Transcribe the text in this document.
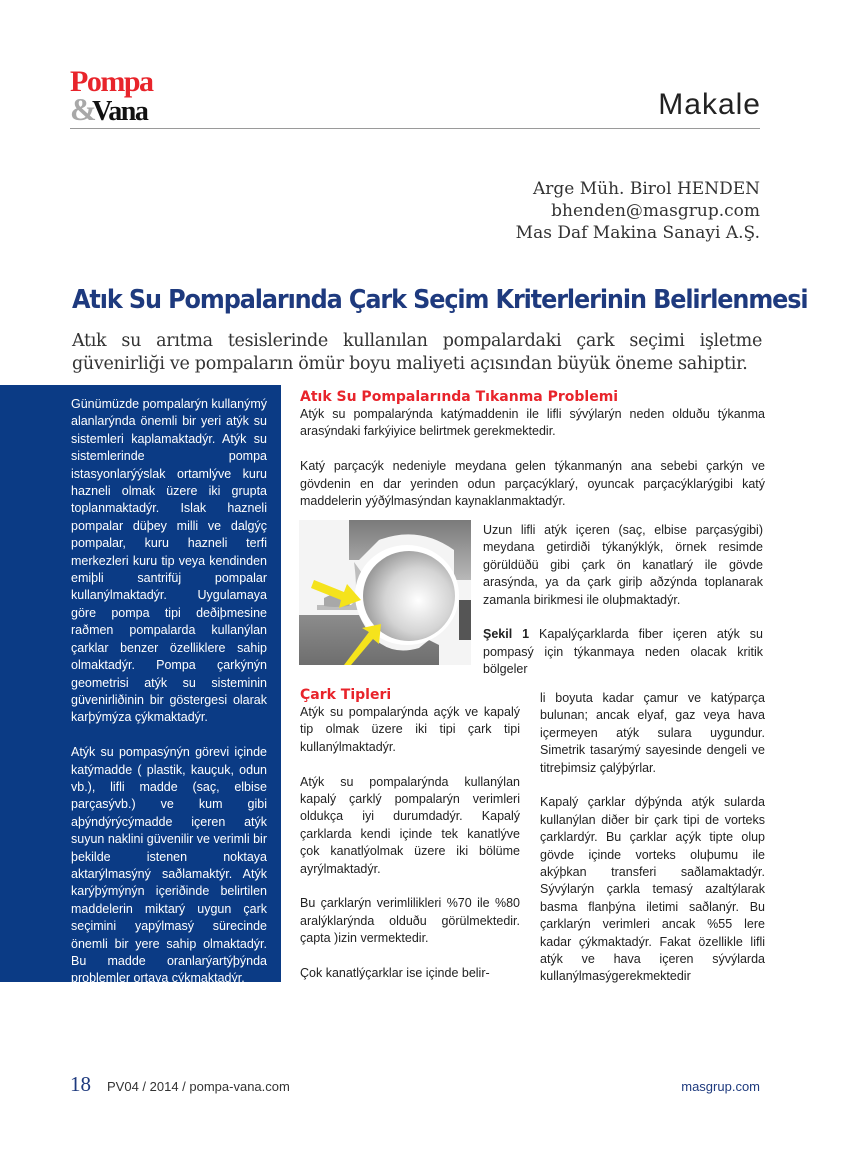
Pompa
&Vana	Makale
Arge Müh. Birol HENDEN
bhenden@masgrup.com
Mas Daf Makina Sanayi A.Ş.
Atık Su Pompalarında Çark Seçim Kriterlerinin Belirlenmesi

Atık su arıtma tesislerinde kullanılan pompalardaki çark seçimi işletme güvenirliği ve pompaların ömür boyu maliyeti açısından büyük öneme sahiptir.

Günümüzde pompalarýn kullanýmý alanlarýnda önemli bir yeri atýk su sistemleri kaplamaktadýr. Atýk su sistemlerinde pompa istasyonlarýýslak ortamlýve kuru hazneli olmak üzere iki grupta toplanmaktadýr. Islak hazneli pompalar düþey milli ve dalgýç pompalar, kuru hazneli terfi merkezleri kuru tip veya kendinden emiþli santrifüj pompalar kullanýlmaktadýr. Uygulamaya göre pompa tipi deðiþmesine raðmen pompalarda kullanýlan çarklar benzer özelliklere sahip olmaktadýr. Pompa çarkýnýn geometrisi atýk su sisteminin güvenirliðinin bir göstergesi olarak karþýmýza çýkmaktadýr.

Atýk su pompasýnýn görevi içinde katýmadde ( plastik, kauçuk, odun vb.), lifli madde (saç, elbise parçasývb.) ve kum gibi aþýndýrýcýmadde içeren atýk suyun naklini güvenilir ve verimli bir þekilde istenen noktaya aktarýlmasýný saðlamaktýr. Atýk karýþýmýnýn içeriðinde belirtilen maddelerin miktarý uygun çark seçimini yapýlmasý sürecinde önemli bir yere sahip olmaktadýr. Bu madde oranlarýartýþýnda problemler ortaya çýkmaktadýr.

Atık Su Pompalarında Tıkanma Problemi

Atýk su pompalarýnda katýmaddenin ile lifli sývýlarýn neden olduðu týkanma arasýndaki farkýiyice belirtmek gerekmektedir.

Katý parçacýk nedeniyle meydana gelen týkanmanýn ana sebebi çarkýn ve gövdenin en dar yerinden odun parçacýklarý, oyuncak parçacýklarýgibi katý maddelerin yýðýlmasýndan kaynaklanmaktadýr.

Uzun lifli atýk içeren (saç, elbise parçasýgibi) meydana getirdiði týkanýklýk, örnek resimde görüldüðü gibi çark ön kanatlarý ile gövde arasýnda, ya da çark giriþ aðzýnda toplanarak zamanla birikmesi ile oluþmaktadýr.

Şekil 1 Kapalýçarklarda fiber içeren atýk su pompasý için týkanmaya neden olacak kritik bölgeler

Çark Tipleri

Atýk su pompalarýnda açýk ve kapalý tip olmak üzere iki tipi çark tipi kullanýlmaktadýr.

Atýk su pompalarýnda kullanýlan kapalý çarklý pompalarýn verimleri oldukça iyi durumdadýr. Kapalý çarklarda kendi içinde tek kanatlýve çok kanatlýolmak üzere iki bölüme ayrýlmaktadýr.

Bu çarklarýn verimlilikleri %70 ile %80 aralýklarýnda olduðu görülmektedir. çapta )izin vermektedir.

Çok kanatlýçarklar ise içinde belir-

li boyuta kadar çamur ve katýparça bulunan; ancak elyaf, gaz veya hava içermeyen atýk sulara uygundur. Simetrik tasarýmý sayesinde dengeli ve titreþimsiz çalýþýrlar.

Kapalý çarklar dýþýnda atýk sularda kullanýlan diðer bir çark tipi de vorteks çarklardýr. Bu çarklar açýk tipte olup gövde içinde vorteks oluþumu ile akýþkan transferi saðlamaktadýr. Sývýlarýn çarkla temasý azaltýlarak basma flanþýna iletimi saðlanýr. Bu çarklarýn verimleri ancak %55 lere kadar çýkmaktadýr. Fakat özellikle lifli atýk ve hava içeren sývýlarda kullanýlmasýgerekmektedir

18 PV04 / 2014 / pompa-vana.com	masgrup.com
